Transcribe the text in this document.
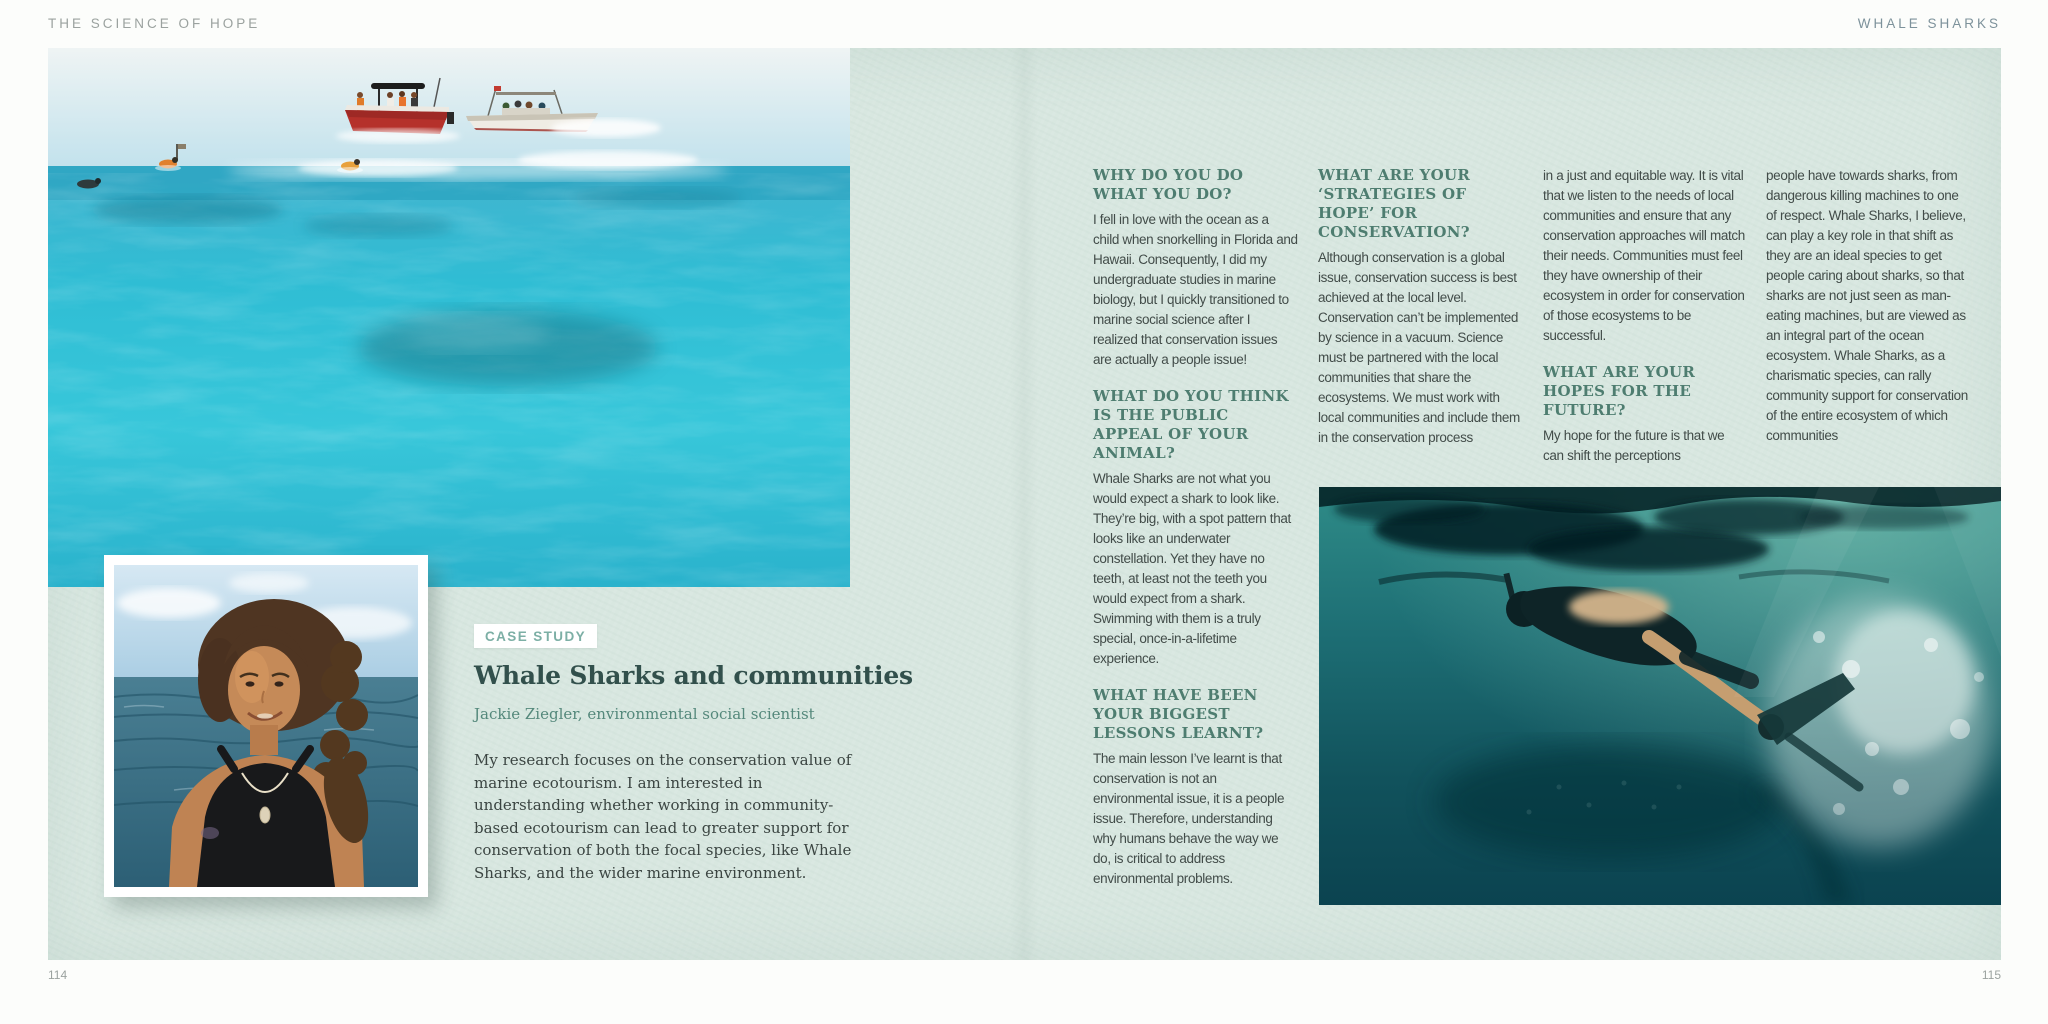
THE SCIENCE OF HOPE	WHALE SHARKS
CASE STUDY
Whale Sharks and communities
Jackie Ziegler, environmental social scientist

My research focuses on the conservation value of marine ecotourism. I am interested in understanding whether working in community-based ecotourism can lead to greater support for conservation of both the focal species, like Whale Sharks, and the wider marine environment.

WHY DO YOU DO WHAT YOU DO?

I fell in love with the ocean as a child when snorkelling in Florida and Hawaii. Consequently, I did my undergraduate studies in marine biology, but I quickly transitioned to marine social science after I realized that conservation issues are actually a people issue!

WHAT DO YOU THINK IS THE PUBLIC APPEAL OF YOUR ANIMAL?

Whale Sharks are not what you would expect a shark to look like. They’re big, with a spot pattern that looks like an underwater constellation. Yet they have no teeth, at least not the teeth you would expect from a shark. Swimming with them is a truly special, once-in-a-lifetime experience.

WHAT HAVE BEEN YOUR BIGGEST LESSONS LEARNT?

The main lesson I’ve learnt is that conservation is not an environmental issue, it is a people issue. Therefore, understanding why humans behave the way we do, is critical to address environmental problems.

WHAT ARE YOUR ‘STRATEGIES OF HOPE’ FOR CONSERVATION?

Although conservation is a global issue, conservation success is best achieved at the local level. Conservation can’t be implemented by science in a vacuum. Science must be partnered with the local communities that share the ecosystems. We must work with local communities and include them in the conservation process

in a just and equitable way. It is vital that we listen to the needs of local communities and ensure that any conservation approaches will match their needs. Communities must feel they have ownership of their ecosystem in order for conservation of those ecosystems to be successful.

WHAT ARE YOUR HOPES FOR THE FUTURE?

My hope for the future is that we can shift the perceptions

people have towards sharks, from dangerous killing machines to one of respect. Whale Sharks, I believe, can play a key role in that shift as they are an ideal species to get people caring about sharks, so that sharks are not just seen as man-eating machines, but are viewed as an integral part of the ocean ecosystem. Whale Sharks, as a charismatic species, can rally community support for conservation of the entire ecosystem of which communities

114	115
